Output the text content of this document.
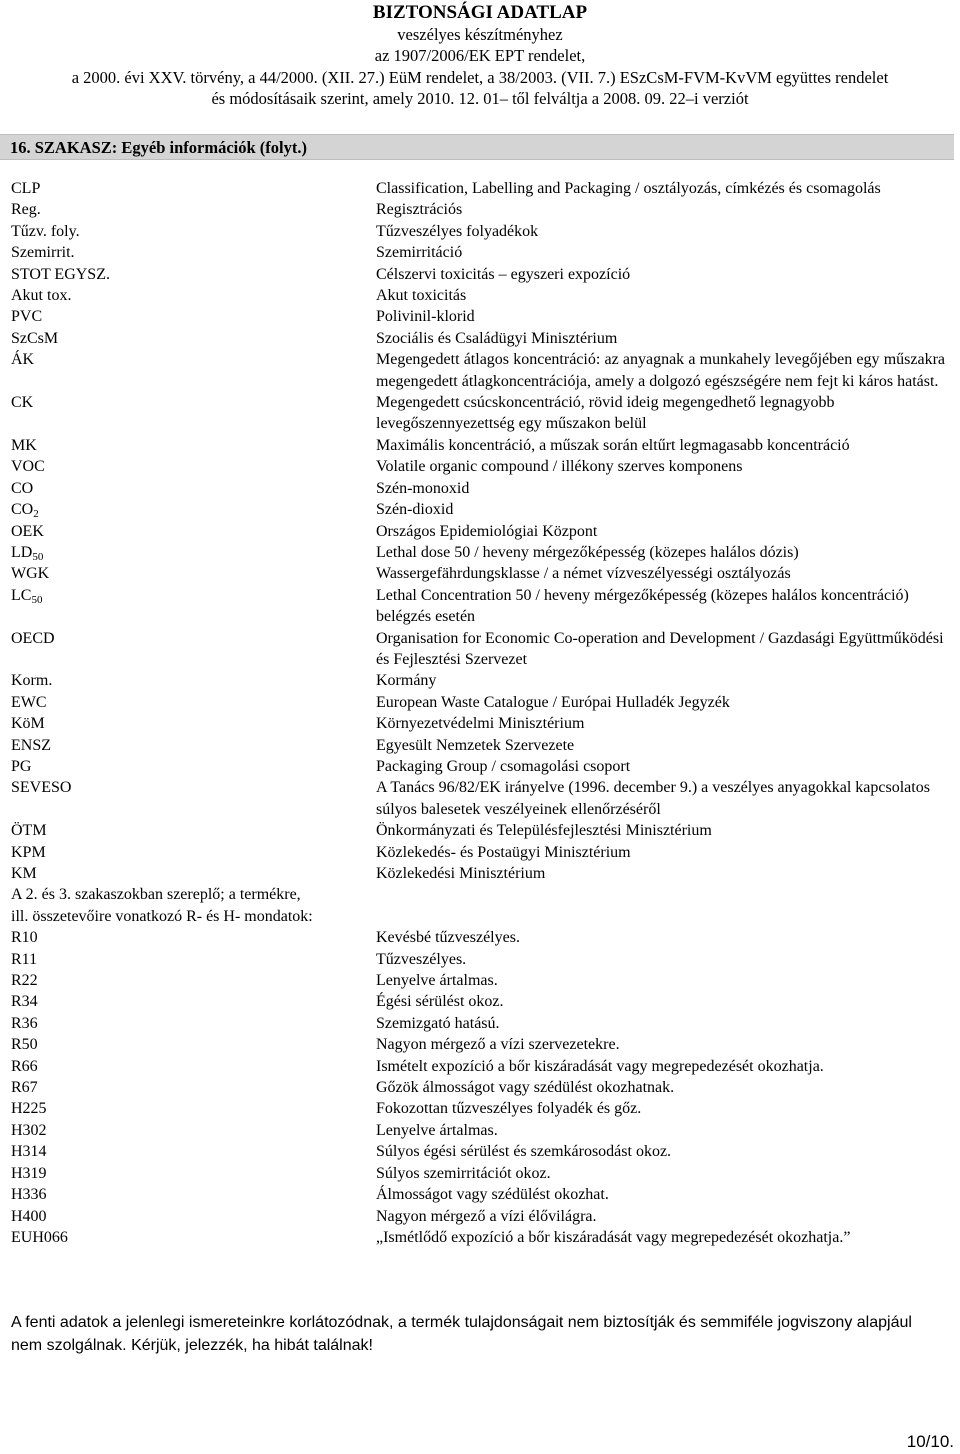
BIZTONSÁGI ADATLAP
veszélyes készítményhez
az 1907/2006/EK EPT rendelet,
a 2000. évi XXV. törvény, a 44/2000. (XII. 27.) EüM rendelet, a 38/2003. (VII. 7.) ESzCsM-FVM-KvVM együttes rendelet
és módosításaik szerint, amely 2010. 12. 01– től felváltja a 2008. 09. 22–i verziót
16. SZAKASZ: Egyéb információk (folyt.)
CLP	Classification, Labelling and Packaging / osztályozás, címkézés és csomagolás
Reg.	Regisztrációs
Tűzv. foly.	Tűzveszélyes folyadékok
Szemirrit.	Szemirritáció
STOT EGYSZ.	Célszervi toxicitás – egyszeri expozíció
Akut tox.	Akut toxicitás
PVC	Polivinil-klorid
SzCsM	Szociális és Családügyi Minisztérium
ÁK	Megengedett átlagos koncentráció: az anyagnak a munkahely levegőjében egy műszakra megengedett átlagkoncentrációja, amely a dolgozó egészségére nem fejt ki káros hatást.
CK	Megengedett csúcskoncentráció, rövid ideig megengedhető legnagyobb levegőszennyezettség egy műszakon belül
MK	Maximális koncentráció, a műszak során eltűrt legmagasabb koncentráció
VOC	Volatile organic compound / illékony szerves komponens
CO	Szén-monoxid
$CO_2$	Szén-dioxid
OEK	Országos Epidemiológiai Központ
$LD_{50}$	Lethal dose 50 / heveny mérgezőképesség (közepes halálos dózis)
WGK	Wassergefährdungsklasse / a német vízveszélyességi osztályozás
$LC_{50}$	Lethal Concentration 50 / heveny mérgezőképesség (közepes halálos koncentráció) belégzés esetén
OECD	Organisation for Economic Co-operation and Development / Gazdasági Együttműködési és Fejlesztési Szervezet
Korm.	Kormány
EWC	European Waste Catalogue / Európai Hulladék Jegyzék
KöM	Környezetvédelmi Minisztérium
ENSZ	Egyesült Nemzetek Szervezete
PG	Packaging Group / csomagolási csoport
SEVESO	A Tanács 96/82/EK irányelve (1996. december 9.) a veszélyes anyagokkal kapcsolatos súlyos balesetek veszélyeinek ellenőrzéséről
ÖTM	Önkormányzati és Településfejlesztési Minisztérium
KPM	Közlekedés- és Postaügyi Minisztérium
KM	Közlekedési Minisztérium
A 2. és 3. szakaszokban szereplő; a termékre,
ill. összetevőire vonatkozó R- és H- mondatok:
R10	Kevésbé tűzveszélyes.
R11	Tűzveszélyes.
R22	Lenyelve ártalmas.
R34	Égési sérülést okoz.
R36	Szemizgató hatású.
R50	Nagyon mérgező a vízi szervezetekre.
R66	Ismételt expozíció a bőr kiszáradását vagy megrepedezését okozhatja.
R67	Gőzök álmosságot vagy szédülést okozhatnak.
H225	Fokozottan tűzveszélyes folyadék és gőz.
H302	Lenyelve ártalmas.
H314	Súlyos égési sérülést és szemkárosodást okoz.
H319	Súlyos szemirritációt okoz.
H336	Álmosságot vagy szédülést okozhat.
H400	Nagyon mérgező a vízi élővilágra.
EUH066	„Ismétlődő expozíció a bőr kiszáradását vagy megrepedezését okozhatja.”
A fenti adatok a jelenlegi ismereteinkre korlátozódnak, a termék tulajdonságait nem biztosítják és semmiféle jogviszony alapjául nem szolgálnak. Kérjük, jelezzék, ha hibát találnak!
10/10.
